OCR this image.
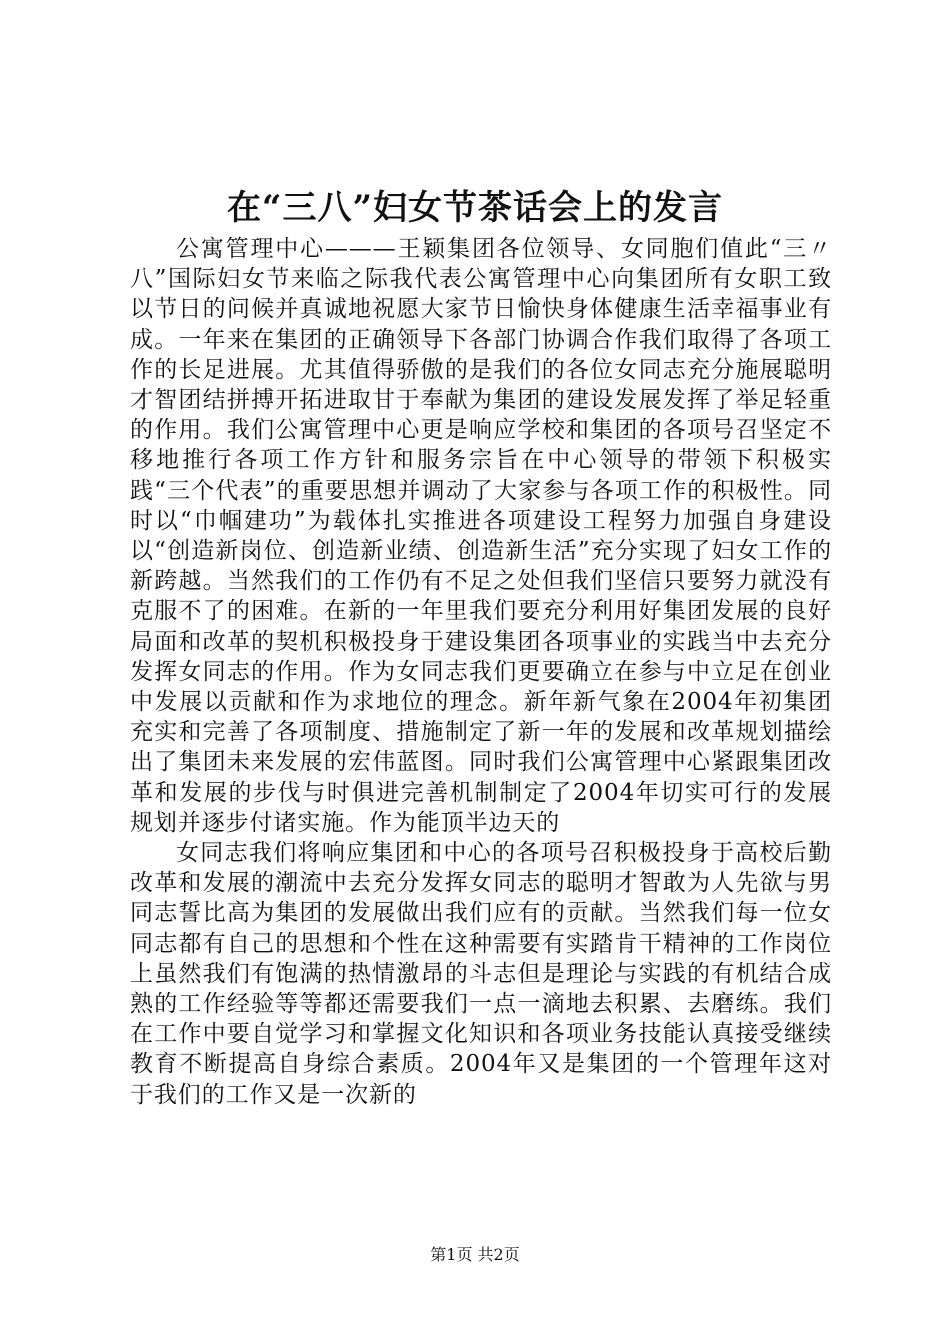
在“三八”妇女节茶话会上的发言

公寓管理中心———王颖集团各位领导、女同胞们值此“三〃八”国际妇女节来临之际我代表公寓管理中心向集团所有女职工致以节日的问候并真诚地祝愿大家节日愉快身体健康生活幸福事业有成。一年来在集团的正确领导下各部门协调合作我们取得了各项工作的长足进展。尤其值得骄傲的是我们的各位女同志充分施展聪明才智团结拼搏开拓进取甘于奉献为集团的建设发展发挥了举足轻重的作用。我们公寓管理中心更是响应学校和集团的各项号召坚定不移地推行各项工作方针和服务宗旨在中心领导的带领下积极实践“三个代表”的重要思想并调动了大家参与各项工作的积极性。同时以“巾帼建功”为载体扎实推进各项建设工程努力加强自身建设以“创造新岗位、创造新业绩、创造新生活”充分实现了妇女工作的新跨越。当然我们的工作仍有不足之处但我们坚信只要努力就没有克服不了的困难。在新的一年里我们要充分利用好集团发展的良好局面和改革的契机积极投身于建设集团各项事业的实践当中去充分发挥女同志的作用。作为女同志我们更要确立在参与中立足在创业中发展以贡献和作为求地位的理念。新年新气象在2004年初集团充实和完善了各项制度、措施制定了新一年的发展和改革规划描绘出了集团未来发展的宏伟蓝图。同时我们公寓管理中心紧跟集团改革和发展的步伐与时俱进完善机制制定了2004年切实可行的发展规划并逐步付诸实施。作为能顶半边天的

女同志我们将响应集团和中心的各项号召积极投身于高校后勤改革和发展的潮流中去充分发挥女同志的聪明才智敢为人先欲与男同志誓比高为集团的发展做出我们应有的贡献。当然我们每一位女同志都有自己的思想和个性在这种需要有实踏肯干精神的工作岗位上虽然我们有饱满的热情激昂的斗志但是理论与实践的有机结合成熟的工作经验等等都还需要我们一点一滴地去积累、去磨练。我们在工作中要自觉学习和掌握文化知识和各项业务技能认真接受继续教育不断提高自身综合素质。2004年又是集团的一个管理年这对于我们的工作又是一次新的

第1页 共2页
